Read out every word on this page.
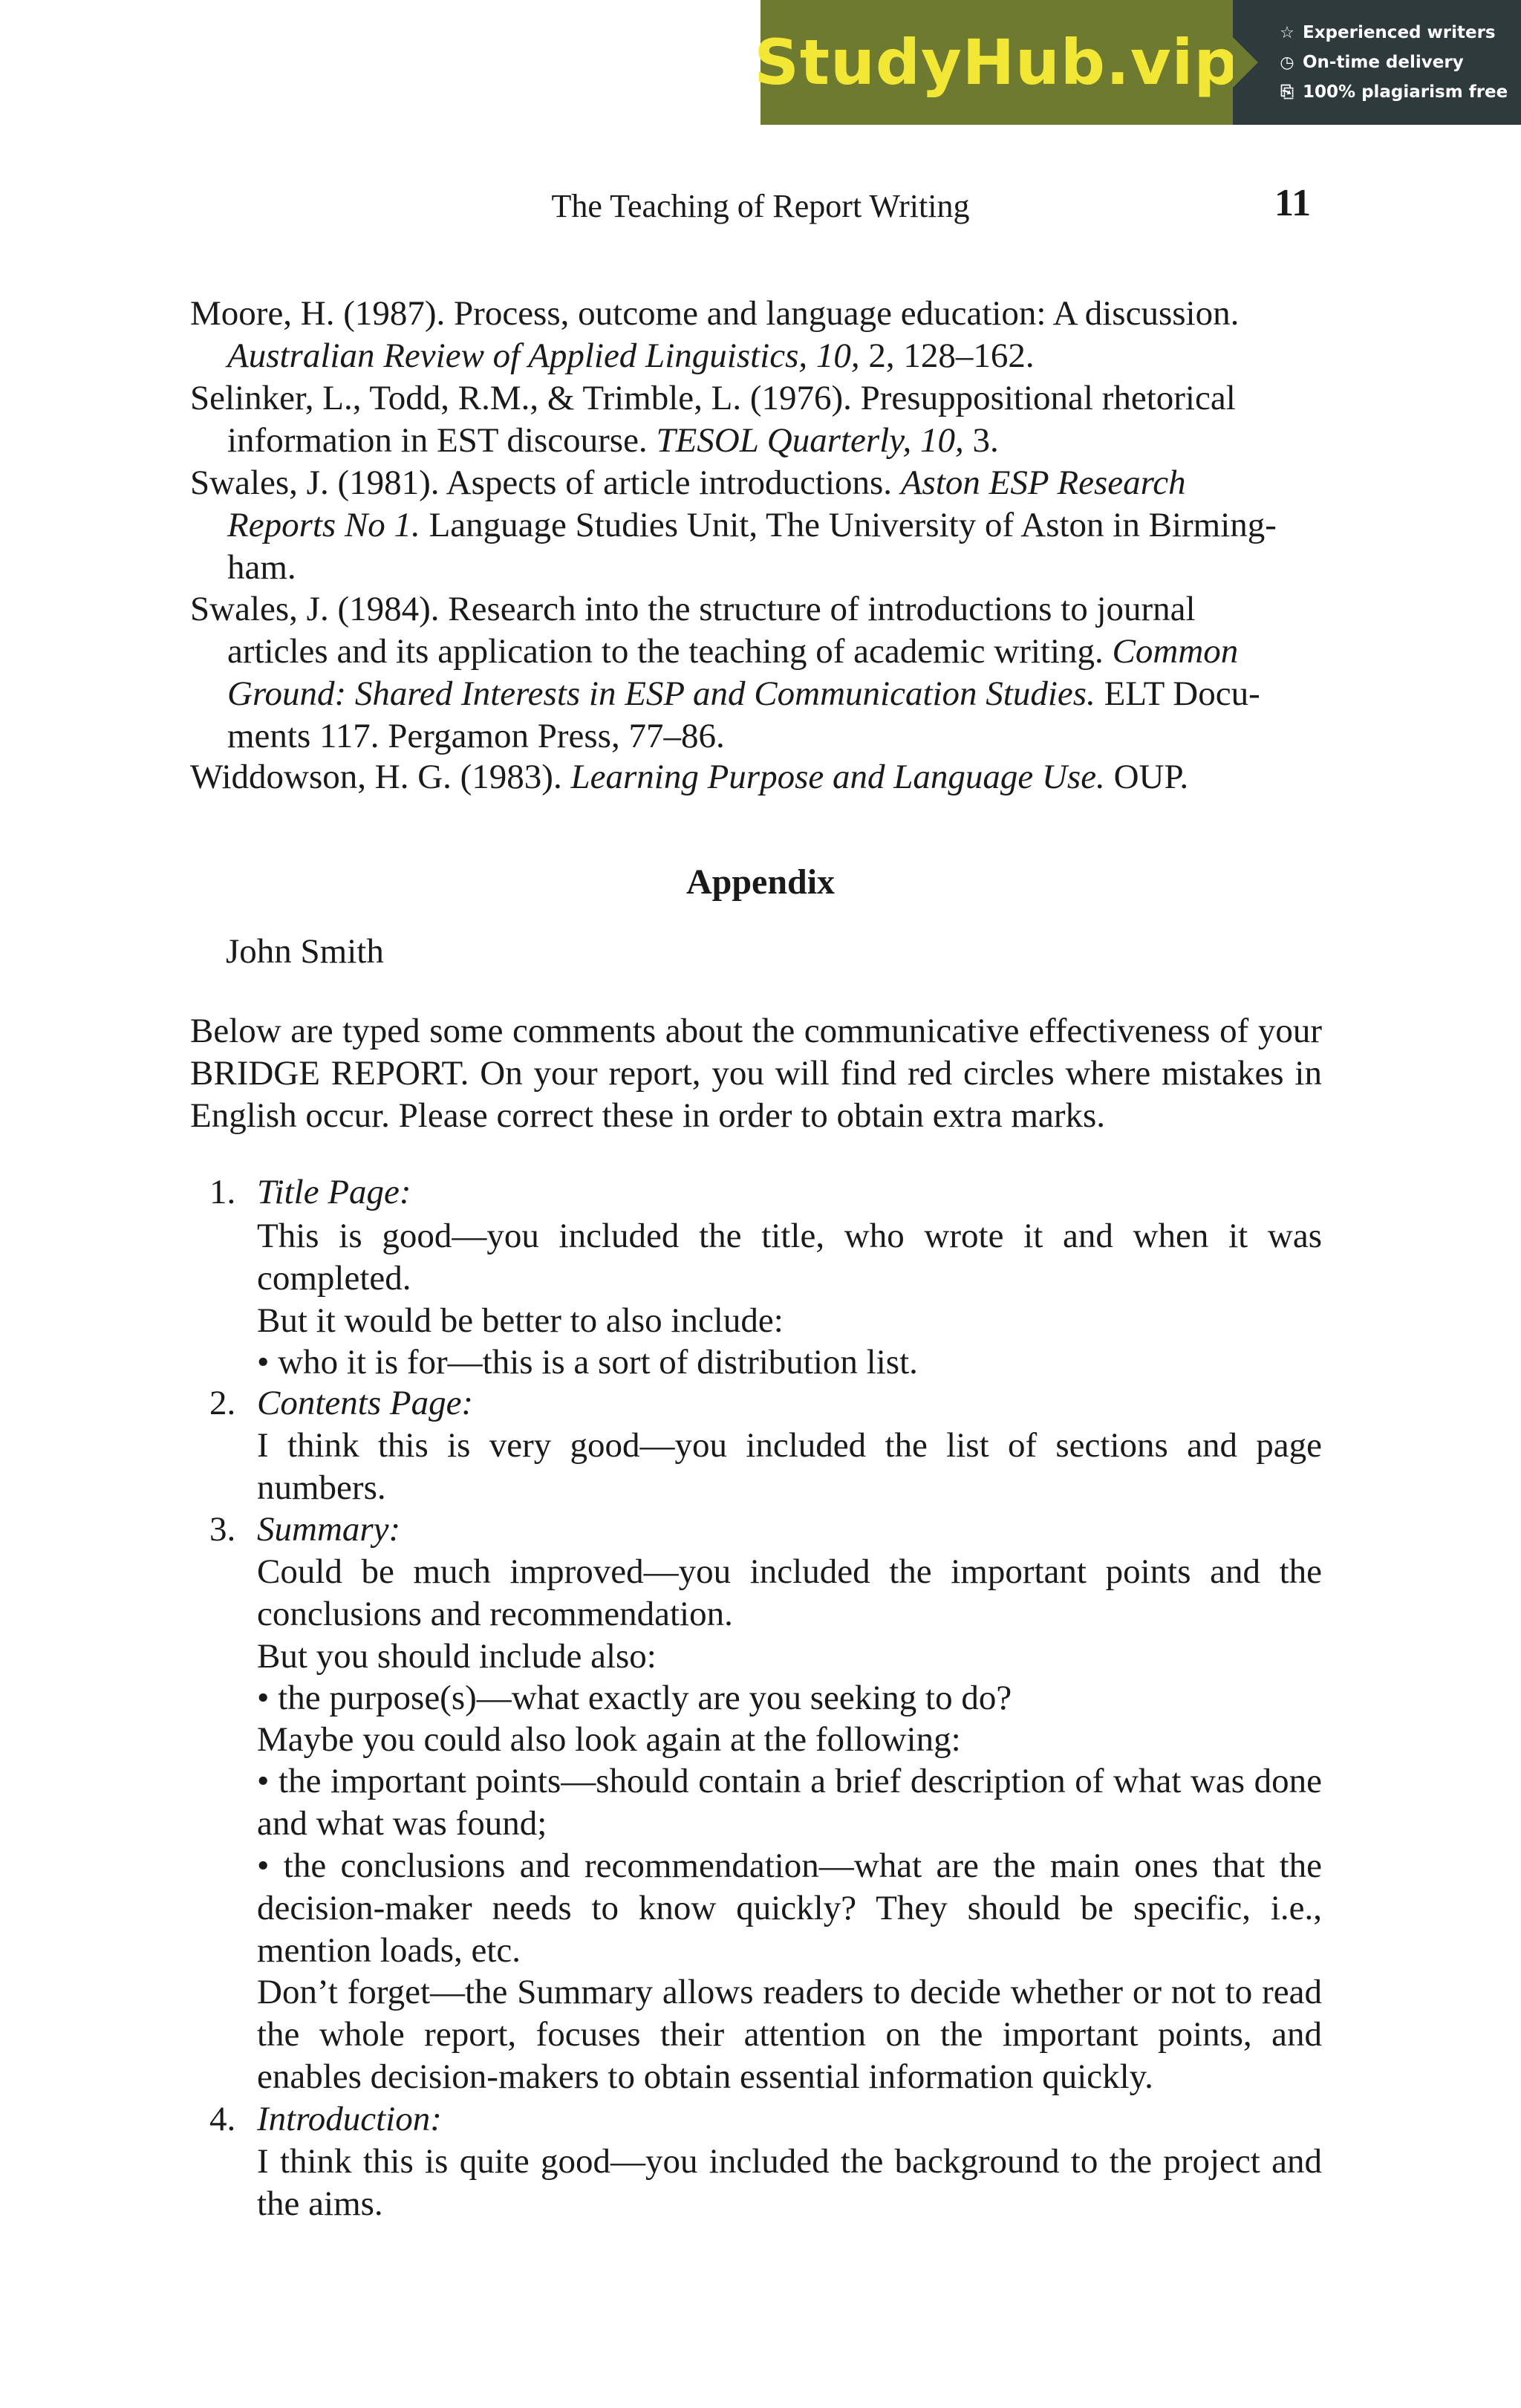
StudyHub.vip ☆ Experienced writers
◷ On-time delivery
⎘ 100% plagiarism free
The Teaching of Report Writing	11
Moore, H. (1987). Process, outcome and language education: A discussion.
Australian Review of Applied Linguistics, 10, 2, 128–162.
Selinker, L., Todd, R.M., & Trimble, L. (1976). Presuppositional rhetorical
information in EST discourse. TESOL Quarterly, 10, 3.
Swales, J. (1981). Aspects of article introductions. Aston ESP Research
Reports No 1. Language Studies Unit, The University of Aston in Birming-
ham.
Swales, J. (1984). Research into the structure of introductions to journal
articles and its application to the teaching of academic writing. Common
Ground: Shared Interests in ESP and Communication Studies. ELT Docu-
ments 117. Pergamon Press, 77–86.
Widdowson, H. G. (1983). Learning Purpose and Language Use. OUP.
Appendix
John Smith
Below are typed some comments about the communicative effectiveness of your BRIDGE REPORT. On your report, you will find red circles where mistakes in English occur. Please correct these in order to obtain extra marks.
1. Title Page:
This is good—you included the title, who wrote it and when it was completed.
But it would be better to also include:
• who it is for—this is a sort of distribution list.
2. Contents Page:
I think this is very good—you included the list of sections and page numbers.
3. Summary:
Could be much improved—you included the important points and the conclusions and recommendation.
But you should include also:
• the purpose(s)—what exactly are you seeking to do?
Maybe you could also look again at the following:
• the important points—should contain a brief description of what was done and what was found;
• the conclusions and recommendation—what are the main ones that the decision-maker needs to know quickly? They should be specific, i.e., mention loads, etc.
Don’t forget—the Summary allows readers to decide whether or not to read the whole report, focuses their attention on the important points, and enables decision-makers to obtain essential information quickly.
4. Introduction:
I think this is quite good—you included the background to the project and the aims.
